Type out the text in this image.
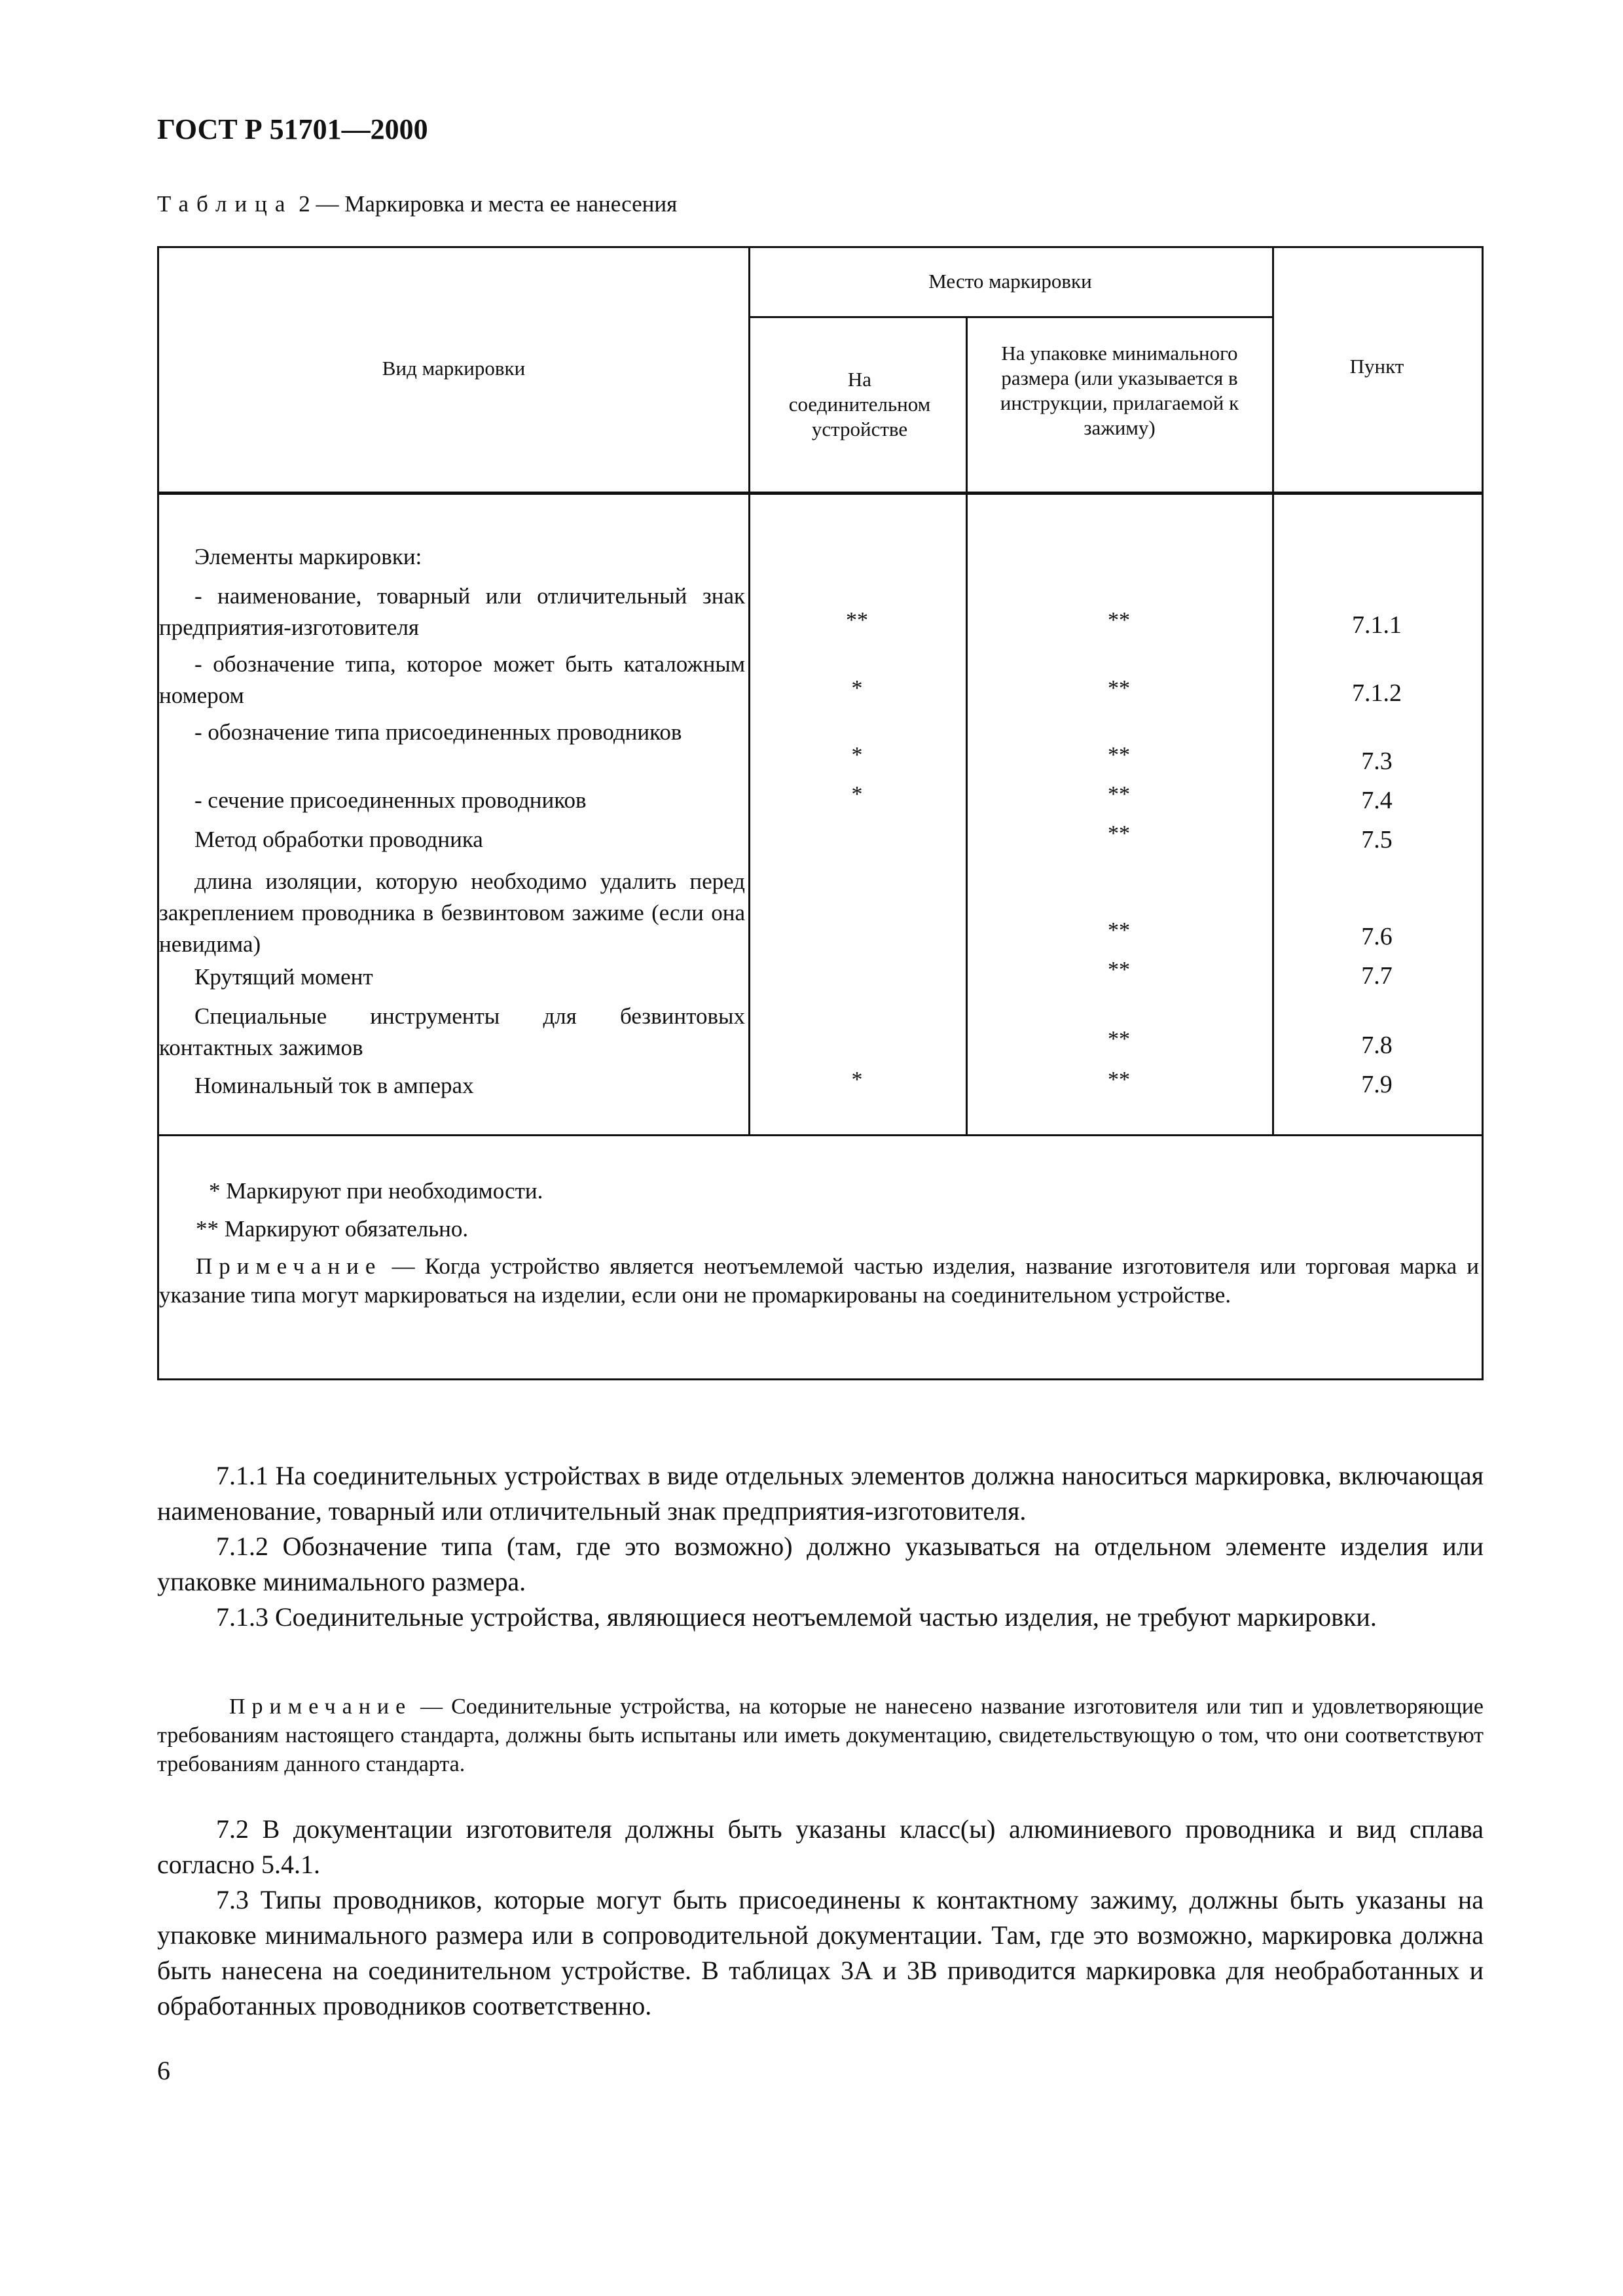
ГОСТ Р 51701—2000
Таблица 2 — Маркировка и места ее нанесения
Вид маркировки
Место маркировки
На соединительном устройстве
На упаковке минимального размера (или указывается в инструкции, прилагаемой к зажиму)
Пункт
Элементы маркировки:
- наименование, товарный или отличительный знак предприятия-изготовителя
- обозначение типа, которое может быть каталожным номером
- обозначение типа присоединенных проводников
- сечение присоединенных проводников
Метод обработки проводника
длина изоляции, которую необходимо удалить перед закреплением проводника в безвинтовом зажиме (если она невидима)
Крутящий момент
Специальные инструменты для безвинтовых контактных зажимов
Номинальный ток в амперах
**
*
*
*
*
**
**
**
**
**
**
**
**
**
7.1.1
7.1.2
7.3
7.4
7.5
7.6
7.7
7.8
7.9
* Маркируют при необходимости.
** Маркируют обязательно.
Примечание — Когда устройство является неотъемлемой частью изделия, название изготовителя или торговая марка и указание типа могут маркироваться на изделии, если они не промаркированы на соединительном устройстве.
7.1.1 На соединительных устройствах в виде отдельных элементов должна наноситься маркировка, включающая наименование, товарный или отличительный знак предприятия-изготовителя.
7.1.2 Обозначение типа (там, где это возможно) должно указываться на отдельном элементе изделия или упаковке минимального размера.
7.1.3 Соединительные устройства, являющиеся неотъемлемой частью изделия, не требуют маркировки.
Примечание — Соединительные устройства, на которые не нанесено название изготовителя или тип и удовлетворяющие требованиям настоящего стандарта, должны быть испытаны или иметь документацию, свидетельствующую о том, что они соответствуют требованиям данного стандарта.
7.2 В документации изготовителя должны быть указаны класс(ы) алюминиевого проводника и вид сплава согласно 5.4.1.
7.3 Типы проводников, которые могут быть присоединены к контактному зажиму, должны быть указаны на упаковке минимального размера или в сопроводительной документации. Там, где это возможно, маркировка должна быть нанесена на соединительном устройстве. В таблицах 3А и 3В приводится маркировка для необработанных и обработанных проводников соответственно.
6
